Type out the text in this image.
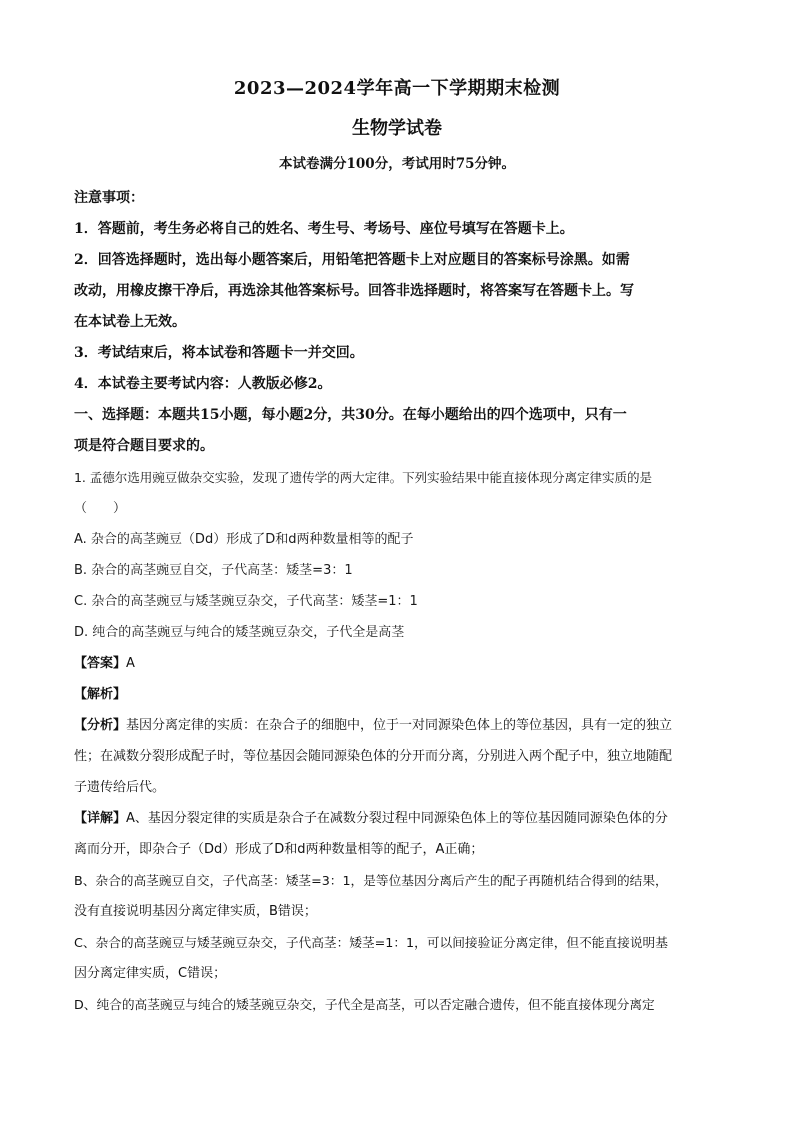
2023—2024学年高一下学期期末检测
生物学试卷

本试卷满分100分，考试用时75分钟。

注意事项：

1．答题前，考生务必将自己的姓名、考生号、考场号、座位号填写在答题卡上。

2．回答选择题时，选出每小题答案后，用铅笔把答题卡上对应题目的答案标号涂黑。如需

改动，用橡皮擦干净后，再选涂其他答案标号。回答非选择题时，将答案写在答题卡上。写

在本试卷上无效。

3．考试结束后，将本试卷和答题卡一并交回。

4．本试卷主要考试内容：人教版必修2。

一、选择题：本题共15小题，每小题2分，共30分。在每小题给出的四个选项中，只有一

项是符合题目要求的。

1. 孟德尔选用豌豆做杂交实验，发现了遗传学的两大定律。下列实验结果中能直接体现分离定律实质的是

（　　）

A. 杂合的高茎豌豆（Dd）形成了D和d两种数量相等的配子

B. 杂合的高茎豌豆自交，子代高茎：矮茎=3：1

C. 杂合的高茎豌豆与矮茎豌豆杂交，子代高茎：矮茎=1：1

D. 纯合的高茎豌豆与纯合的矮茎豌豆杂交，子代全是高茎

【答案】A

【解析】

【分析】基因分离定律的实质：在杂合子的细胞中，位于一对同源染色体上的等位基因，具有一定的独立

性；在减数分裂形成配子时，等位基因会随同源染色体的分开而分离，分别进入两个配子中，独立地随配

子遗传给后代。

【详解】A、基因分裂定律的实质是杂合子在减数分裂过程中同源染色体上的等位基因随同源染色体的分

离而分开，即杂合子（Dd）形成了D和d两种数量相等的配子，A正确；

B、杂合的高茎豌豆自交，子代高茎：矮茎=3：1，是等位基因分离后产生的配子再随机结合得到的结果，

没有直接说明基因分离定律实质，B错误；

C、杂合的高茎豌豆与矮茎豌豆杂交，子代高茎：矮茎=1：1，可以间接验证分离定律，但不能直接说明基

因分离定律实质，C错误；

D、纯合的高茎豌豆与纯合的矮茎豌豆杂交，子代全是高茎，可以否定融合遗传，但不能直接体现分离定
